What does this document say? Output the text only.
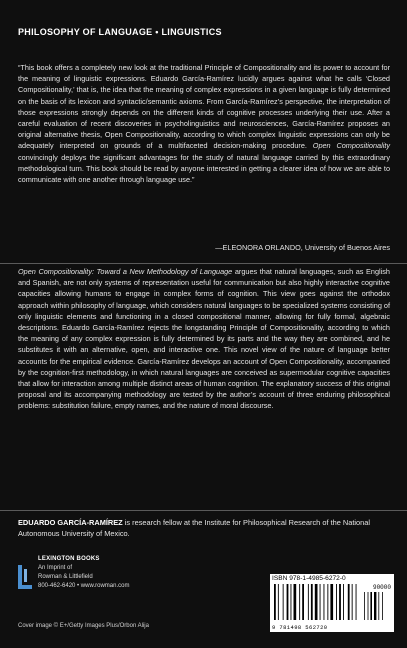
PHILOSOPHY OF LANGUAGE • LINGUISTICS
“This book offers a completely new look at the traditional Principle of Compositionality and its power to account for the meaning of linguistic expressions. Eduardo García-Ramírez lucidly argues against what he calls ‘Closed Compositionality,’ that is, the idea that the meaning of complex expressions in a given language is fully determined on the basis of its lexicon and syntactic/semantic axioms. From García-Ramírez’s perspective, the interpretation of those expressions strongly depends on the different kinds of cognitive processes underlying their use. After a careful evaluation of recent discoveries in psycholinguistics and neurosciences, García-Ramírez proposes an original alternative thesis, Open Compositionality, according to which complex linguistic expressions can only be adequately interpreted on grounds of a multifaceted decision-making procedure. Open Compositionality convincingly deploys the significant advantages for the study of natural language carried by this extraordinary methodological turn. This book should be read by anyone interested in getting a clearer idea of how we are able to communicate with one another through language use.”
—ELEONORA ORLANDO, University of Buenos Aires
Open Compositionality: Toward a New Methodology of Language argues that natural languages, such as English and Spanish, are not only systems of representation useful for communication but also highly interactive cognitive capacities allowing humans to engage in complex forms of cognition. This view goes against the orthodox approach within philosophy of language, which considers natural languages to be specialized systems consisting of only linguistic elements and functioning in a closed compositional manner, allowing for fully formal, algebraic descriptions. Eduardo García-Ramírez rejects the longstanding Principle of Compositionality, according to which the meaning of any complex expression is fully determined by its parts and the way they are combined, and he substitutes it with an alternative, open, and interactive one. This novel view of the nature of language better accounts for the empirical evidence. García-Ramírez develops an account of Open Compositionality, accompanied by the cognition-first methodology, in which natural languages are conceived as supermodular cognitive capacities that allow for interaction among multiple distinct areas of human cognition. The explanatory success of this original proposal and its accompanying methodology are tested by the author’s account of three enduring philosophical problems: substitution failure, empty names, and the nature of moral discourse.
EDUARDO GARCÍA-RAMÍREZ is research fellow at the Institute for Philosophical Research of the National Autonomous University of Mexico.
LEXINGTON BOOKS
An Imprint of
Rowman & Littlefield
800-462-6420 • www.rowman.com
ISBN 978-1-4985-6272-0
90000
9 781498 562720
Cover image © E+/Getty Images Plus/Orbon Alija
